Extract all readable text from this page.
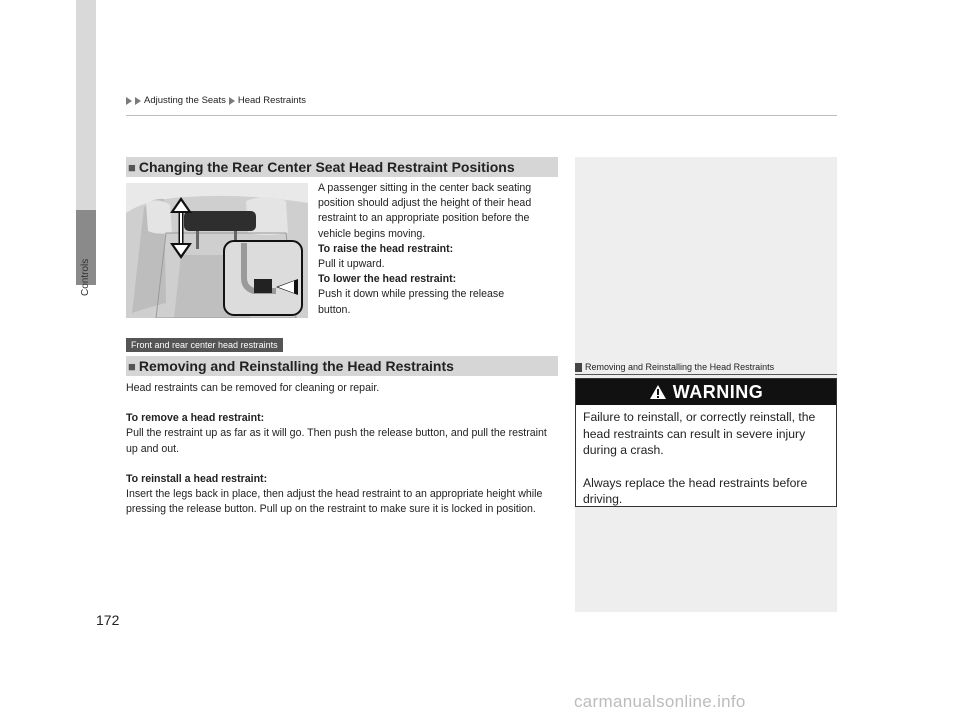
Controls
Adjusting the Seats Head Restraints
■ Changing the Rear Center Seat Head Restraint Positions
A passenger sitting in the center back seating position should adjust the height of their head restraint to an appropriate position before the vehicle begins moving.
To raise the head restraint:
Pull it upward.
To lower the head restraint:
Push it down while pressing the release button.
Front and rear center head restraints
■ Removing and Reinstalling the Head Restraints
Head restraints can be removed for cleaning or repair.
To remove a head restraint:
Pull the restraint up as far as it will go. Then push the release button, and pull the restraint up and out.
To reinstall a head restraint:
Insert the legs back in place, then adjust the head restraint to an appropriate height while pressing the release button. Pull up on the restraint to make sure it is locked in position.
Removing and Reinstalling the Head Restraints
WARNING

Failure to reinstall, or correctly reinstall, the head restraints can result in severe injury during a crash.

Always replace the head restraints before driving.

172
carmanualsonline.info
